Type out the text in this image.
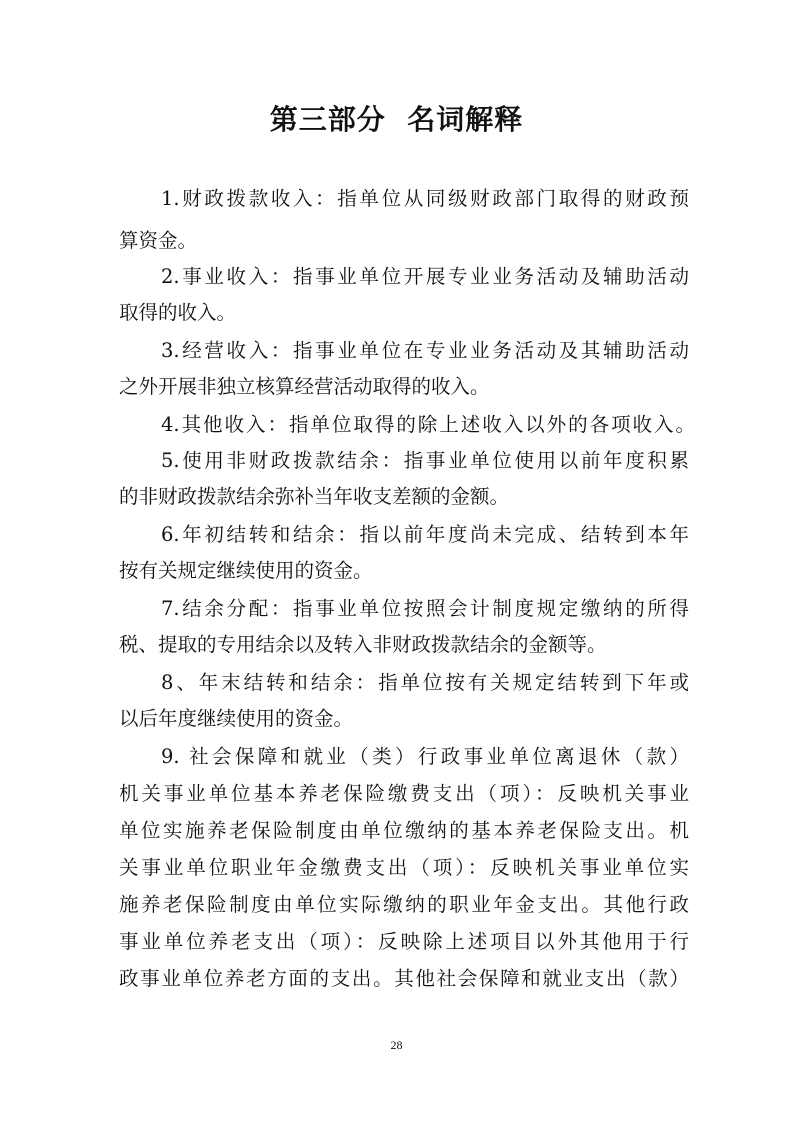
第三部分  名词解释
1.财政拨款收入：指单位从同级财政部门取得的财政预
算资金。
2.事业收入：指事业单位开展专业业务活动及辅助活动
取得的收入。
3.经营收入：指事业单位在专业业务活动及其辅助活动
之外开展非独立核算经营活动取得的收入。
4.其他收入：指单位取得的除上述收入以外的各项收入。
5.使用非财政拨款结余：指事业单位使用以前年度积累
的非财政拨款结余弥补当年收支差额的金额。
6.年初结转和结余：指以前年度尚未完成、结转到本年
按有关规定继续使用的资金。
7.结余分配：指事业单位按照会计制度规定缴纳的所得
税、提取的专用结余以及转入非财政拨款结余的金额等。
8、年末结转和结余：指单位按有关规定结转到下年或
以后年度继续使用的资金。
9. 社会保障和就业（类）行政事业单位离退休（款）
机关事业单位基本养老保险缴费支出（项）：反映机关事业
单位实施养老保险制度由单位缴纳的基本养老保险支出。机
关事业单位职业年金缴费支出（项）：反映机关事业单位实
施养老保险制度由单位实际缴纳的职业年金支出。其他行政
事业单位养老支出（项）：反映除上述项目以外其他用于行
政事业单位养老方面的支出。其他社会保障和就业支出（款）
28
